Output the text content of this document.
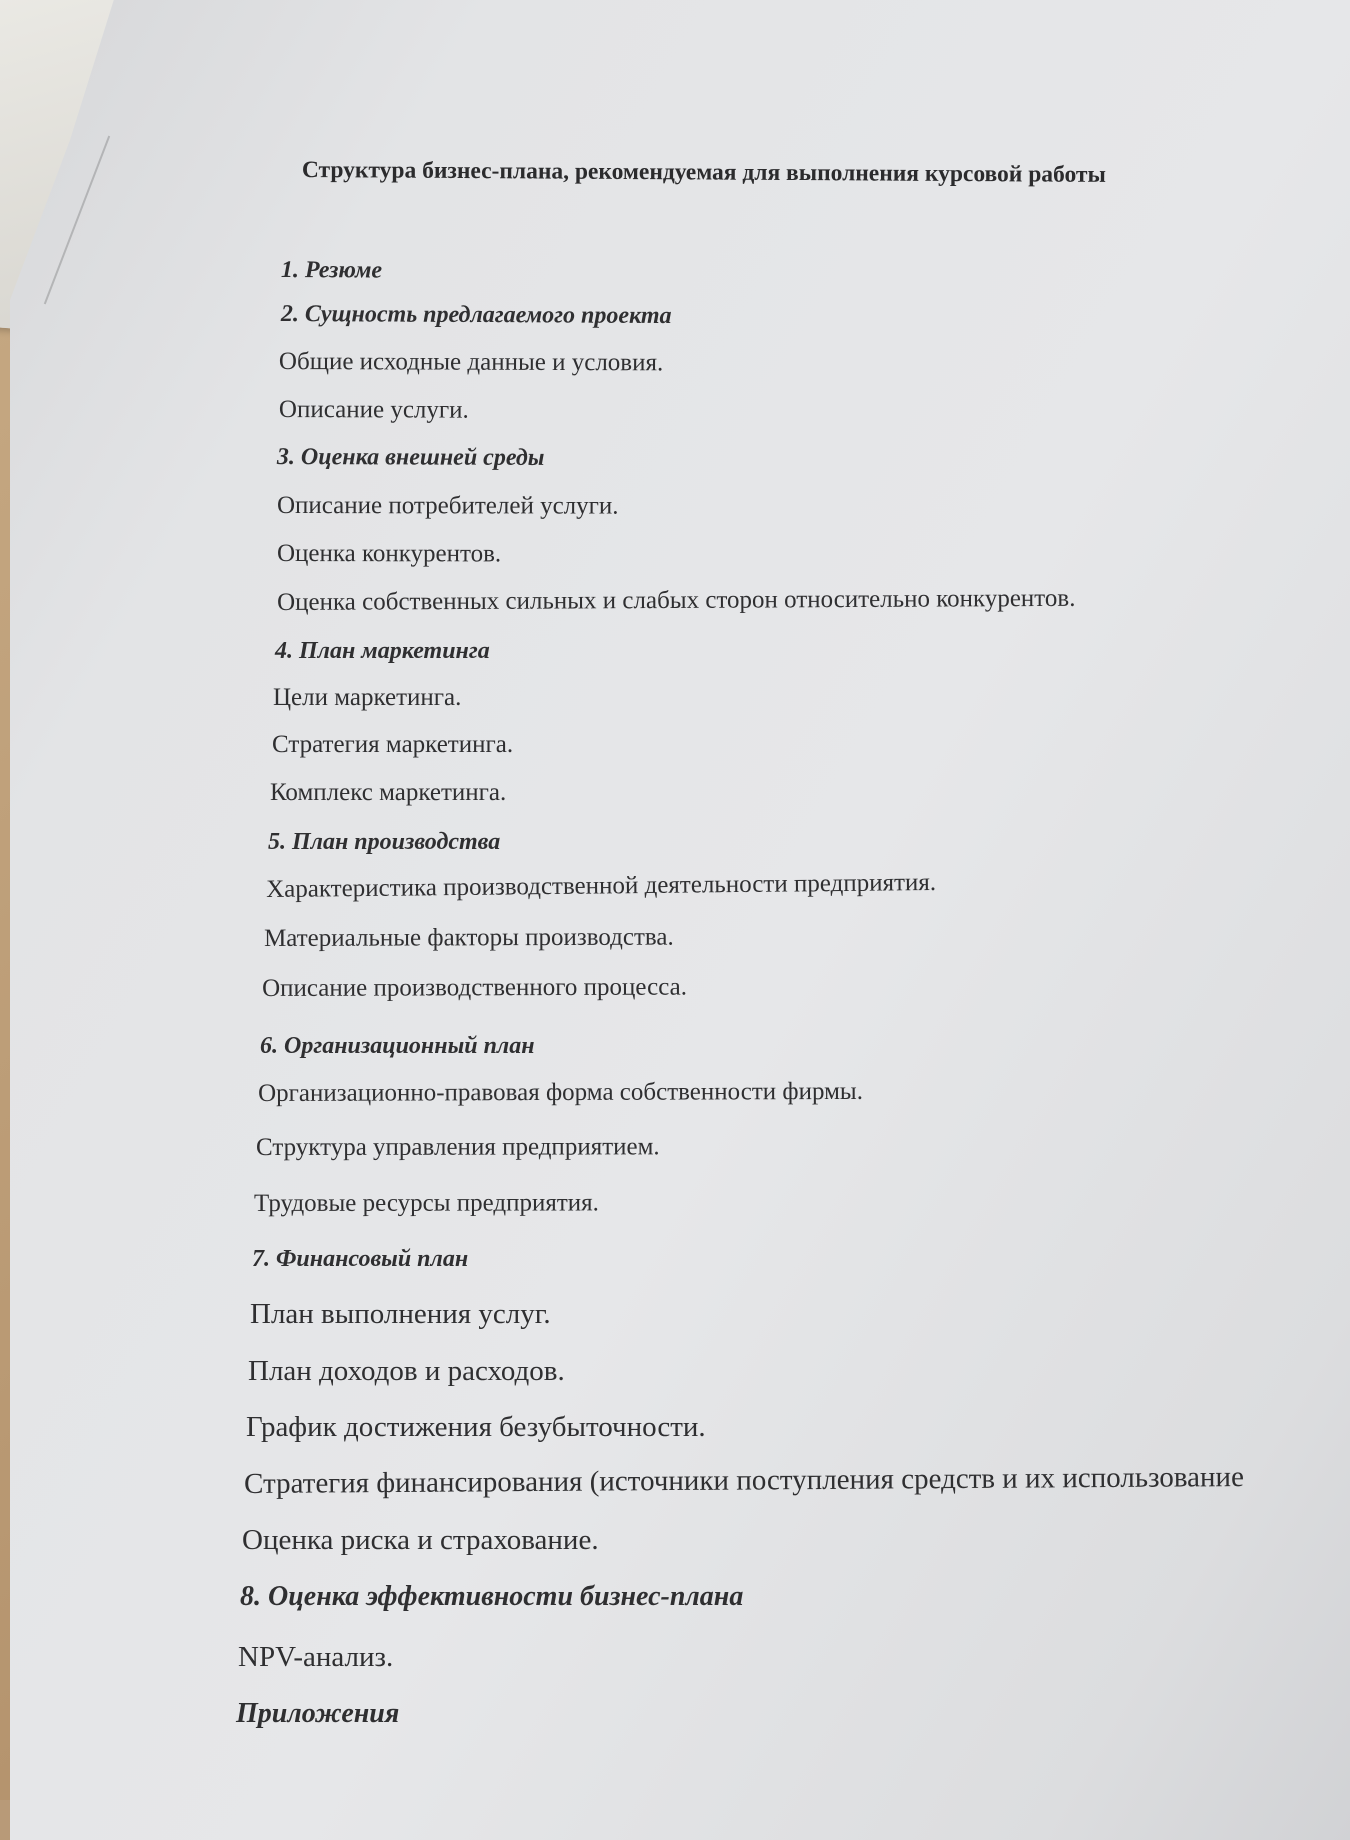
Структура бизнес-плана, рекомендуемая для выполнения курсовой работы
1. Резюме
2. Сущность предлагаемого проекта
Общие исходные данные и условия.
Описание услуги.
3. Оценка внешней среды
Описание потребителей услуги.
Оценка конкурентов.
Оценка собственных сильных и слабых сторон относительно конкурентов.
4. План маркетинга
Цели маркетинга.
Стратегия маркетинга.
Комплекс маркетинга.
5. План производства
Характеристика производственной деятельности предприятия.
Материальные факторы производства.
Описание производственного процесса.
6. Организационный план
Организационно-правовая форма собственности фирмы.
Структура управления предприятием.
Трудовые ресурсы предприятия.
7. Финансовый план
План выполнения услуг.
План доходов и расходов.
График достижения безубыточности.
Стратегия финансирования (источники поступления средств и их использование
Оценка риска и страхование.
8. Оценка эффективности бизнес-плана
NPV-анализ.
Приложения
